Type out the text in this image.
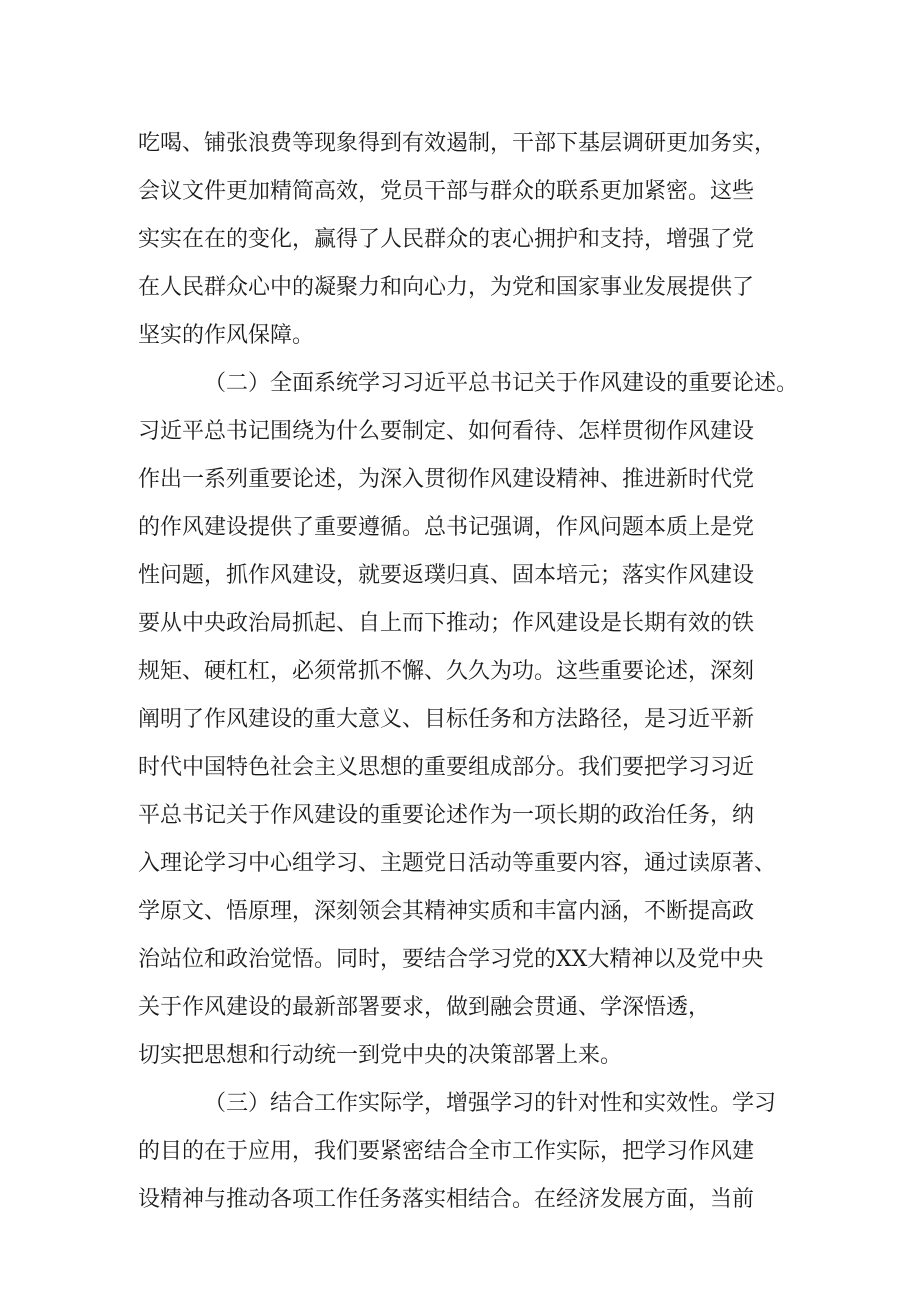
吃喝、铺张浪费等现象得到有效遏制，干部下基层调研更加务实，
会议文件更加精简高效，党员干部与群众的联系更加紧密。这些
实实在在的变化，赢得了人民群众的衷心拥护和支持，增强了党
在人民群众心中的凝聚力和向心力，为党和国家事业发展提供了
坚实的作风保障。
（二）全面系统学习习近平总书记关于作风建设的重要论述。
习近平总书记围绕为什么要制定、如何看待、怎样贯彻作风建设
作出一系列重要论述，为深入贯彻作风建设精神、推进新时代党
的作风建设提供了重要遵循。总书记强调，作风问题本质上是党
性问题，抓作风建设，就要返璞归真、固本培元；落实作风建设
要从中央政治局抓起、自上而下推动；作风建设是长期有效的铁
规矩、硬杠杠，必须常抓不懈、久久为功。这些重要论述，深刻
阐明了作风建设的重大意义、目标任务和方法路径，是习近平新
时代中国特色社会主义思想的重要组成部分。我们要把学习习近
平总书记关于作风建设的重要论述作为一项长期的政治任务，纳
入理论学习中心组学习、主题党日活动等重要内容，通过读原著、
学原文、悟原理，深刻领会其精神实质和丰富内涵，不断提高政
治站位和政治觉悟。同时，要结合学习党的XX大精神以及党中央
关于作风建设的最新部署要求，做到融会贯通、学深悟透，
切实把思想和行动统一到党中央的决策部署上来。
（三）结合工作实际学，增强学习的针对性和实效性。学习
的目的在于应用，我们要紧密结合全市工作实际，把学习作风建
设精神与推动各项工作任务落实相结合。在经济发展方面，当前
